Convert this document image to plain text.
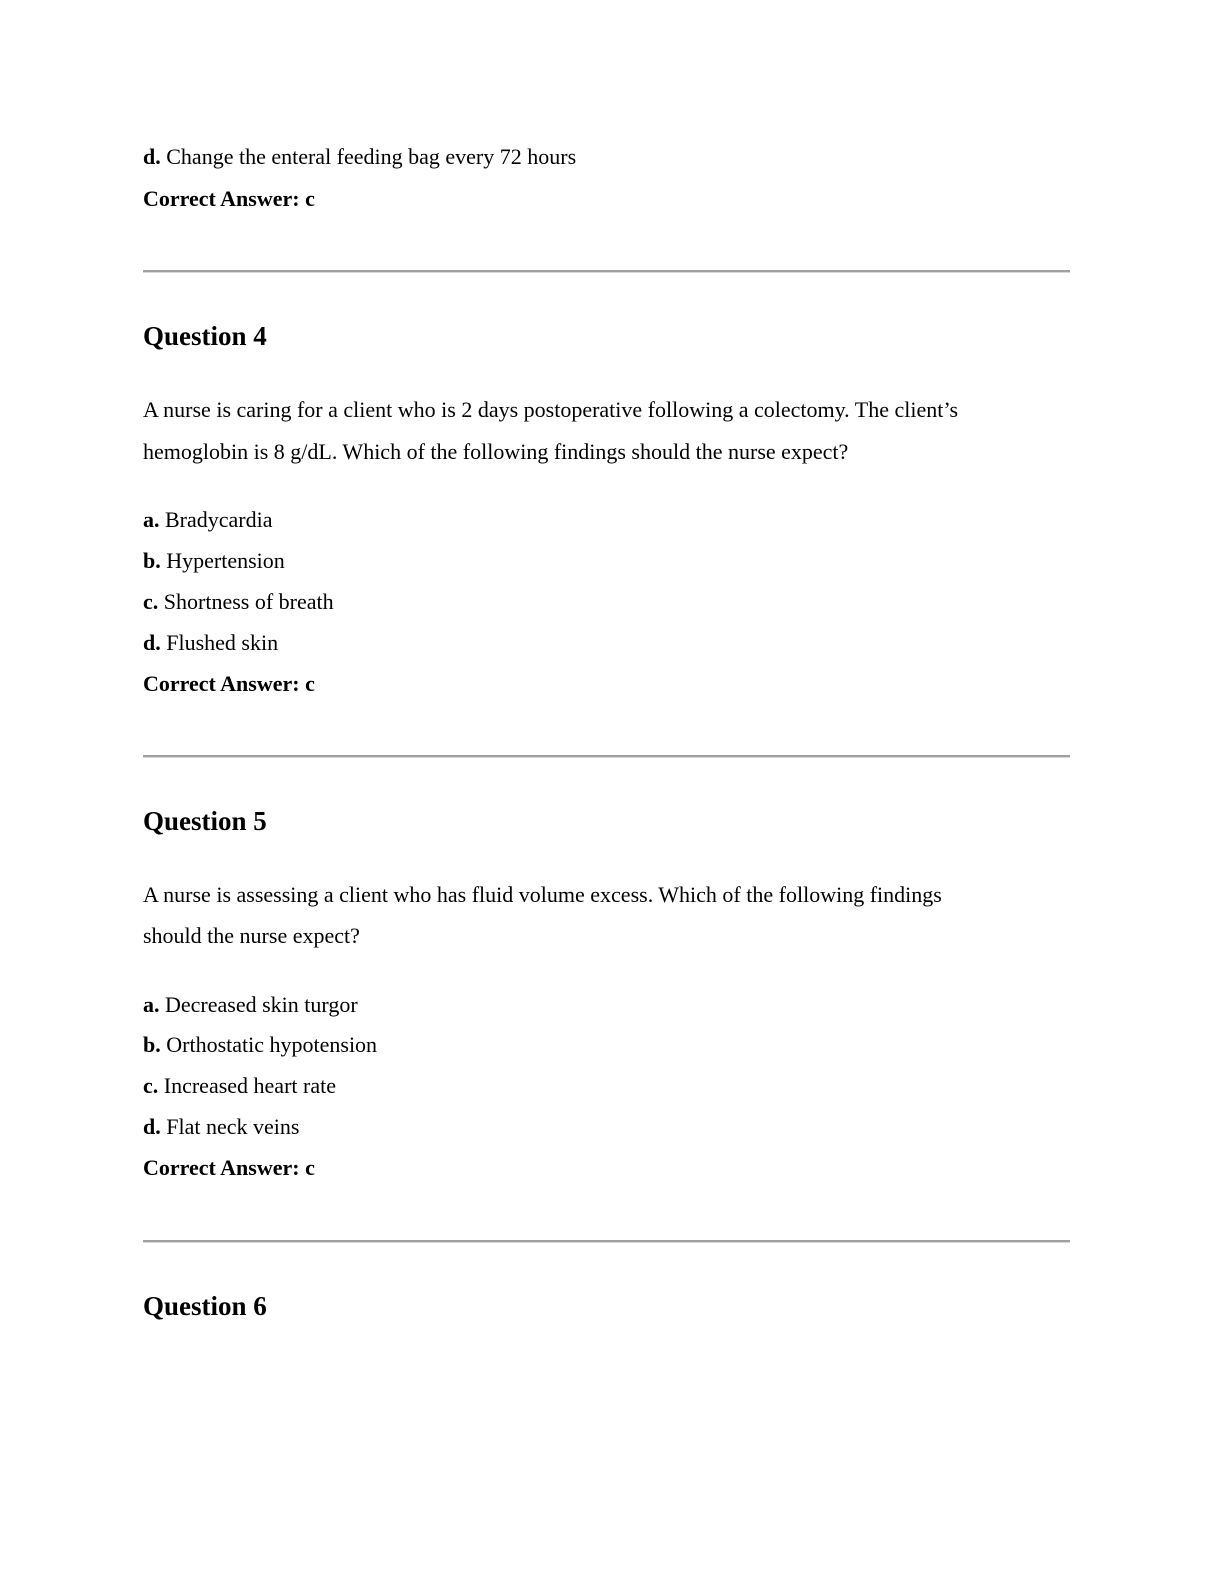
d. Change the enteral feeding bag every 72 hours
Correct Answer: c
Question 4
A nurse is caring for a client who is 2 days postoperative following a colectomy. The client’s
hemoglobin is 8 g/dL. Which of the following findings should the nurse expect?
a. Bradycardia
b. Hypertension
c. Shortness of breath
d. Flushed skin
Correct Answer: c
Question 5
A nurse is assessing a client who has fluid volume excess. Which of the following findings
should the nurse expect?
a. Decreased skin turgor
b. Orthostatic hypotension
c. Increased heart rate
d. Flat neck veins
Correct Answer: c
Question 6
